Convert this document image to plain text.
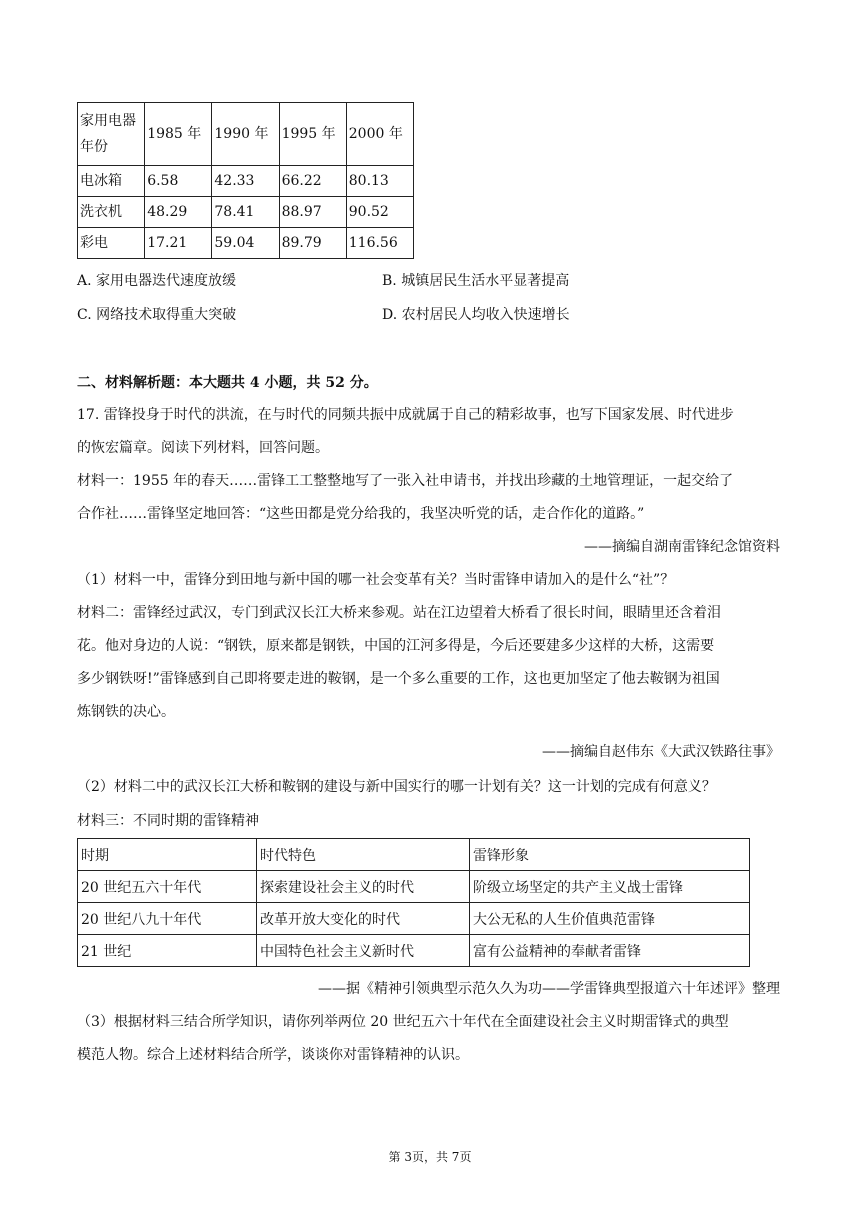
家用电器
年份	1985 年	1990 年	1995 年	2000 年
电冰箱	6.58	42.33	66.22	80.13
洗衣机	48.29	78.41	88.97	90.52
彩电	17.21	59.04	89.79	116.56
A. 家用电器迭代速度放缓	B. 城镇居民生活水平显著提高
C. 网络技术取得重大突破	D. 农村居民人均收入快速增长
二、材料解析题：本大题共 4 小题，共 52 分。
17. 雷锋投身于时代的洪流，在与时代的同频共振中成就属于自己的精彩故事，也写下国家发展、时代进步
的恢宏篇章。阅读下列材料，回答问题。
材料一：1955 年的春天……雷锋工工整整地写了一张入社申请书，并找出珍藏的土地管理证，一起交给了
合作社……雷锋坚定地回答：“这些田都是党分给我的，我坚决听党的话，走合作化的道路。”
——摘编自湖南雷锋纪念馆资料
（1）材料一中，雷锋分到田地与新中国的哪一社会变革有关？当时雷锋申请加入的是什么“社”？
材料二：雷锋经过武汉，专门到武汉长江大桥来参观。站在江边望着大桥看了很长时间，眼睛里还含着泪
花。他对身边的人说：“钢铁，原来都是钢铁，中国的江河多得是，今后还要建多少这样的大桥，这需要
多少钢铁呀!”雷锋感到自己即将要走进的鞍钢，是一个多么重要的工作，这也更加坚定了他去鞍钢为祖国
炼钢铁的决心。
——摘编自赵伟东《大武汉铁路往事》
（2）材料二中的武汉长江大桥和鞍钢的建设与新中国实行的哪一计划有关？这一计划的完成有何意义？
材料三：不同时期的雷锋精神
时期	时代特色	雷锋形象
20 世纪五六十年代	探索建设社会主义的时代	阶级立场坚定的共产主义战士雷锋
20 世纪八九十年代	改革开放大变化的时代	大公无私的人生价值典范雷锋
21 世纪	中国特色社会主义新时代	富有公益精神的奉献者雷锋
——据《精神引领典型示范久久为功——学雷锋典型报道六十年述评》整理
（3）根据材料三结合所学知识，请你列举两位 20 世纪五六十年代在全面建设社会主义时期雷锋式的典型
模范人物。综合上述材料结合所学，谈谈你对雷锋精神的认识。
第 3页，共 7页
